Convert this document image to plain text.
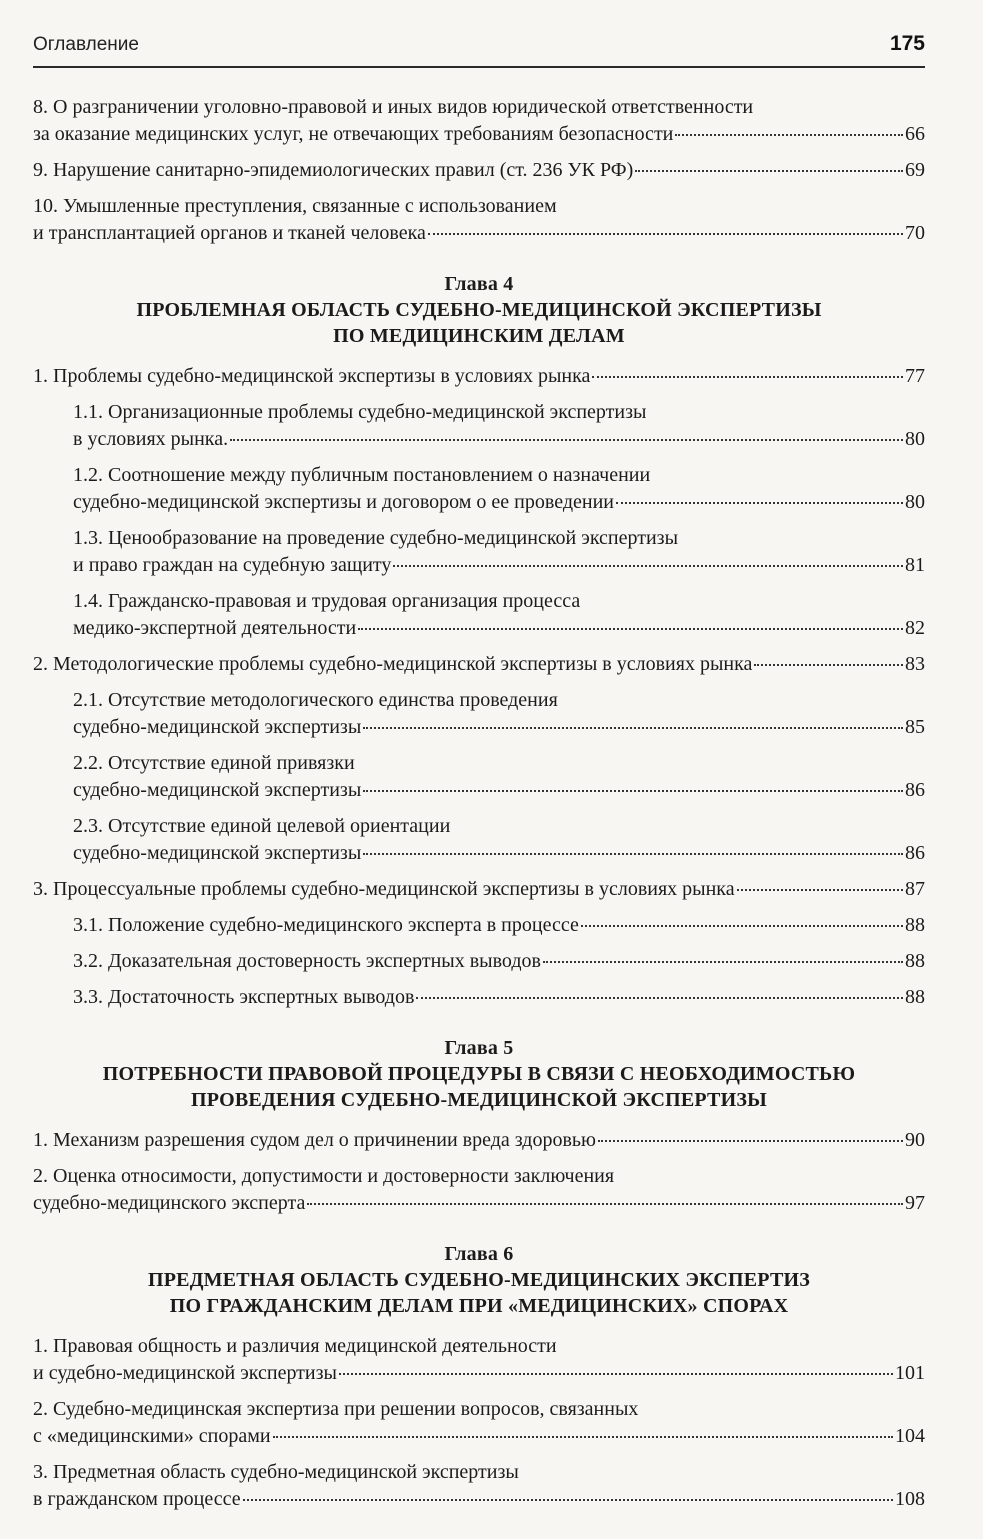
Оглавление	175
8. О разграничении уголовно-правовой и иных видов юридической ответственности
за оказание медицинских услуг, не отвечающих требованиям безопасности	66
9. Нарушение санитарно-эпидемиологических правил (ст. 236 УК РФ)	69
10. Умышленные преступления, связанные с использованием
и трансплантацией органов и тканей человека	70
Глава 4
ПРОБЛЕМНАЯ ОБЛАСТЬ СУДЕБНО-МЕДИЦИНСКОЙ ЭКСПЕРТИЗЫ
ПО МЕДИЦИНСКИМ ДЕЛАМ
1. Проблемы судебно-медицинской экспертизы в условиях рынка	77
1.1. Организационные проблемы судебно-медицинской экспертизы
в условиях рынка.	80
1.2. Соотношение между публичным постановлением о назначении
судебно-медицинской экспертизы и договором о ее проведении	80
1.3. Ценообразование на проведение судебно-медицинской экспертизы
и право граждан на судебную защиту	81
1.4. Гражданско-правовая и трудовая организация процесса
медико-экспертной деятельности	82
2. Методологические проблемы судебно-медицинской экспертизы в условиях рынка	83
2.1. Отсутствие методологического единства проведения
судебно-медицинской экспертизы	85
2.2. Отсутствие единой привязки
судебно-медицинской экспертизы	86
2.3. Отсутствие единой целевой ориентации
судебно-медицинской экспертизы	86
3. Процессуальные проблемы судебно-медицинской экспертизы в условиях рынка	87
3.1. Положение судебно-медицинского эксперта в процессе	88
3.2. Доказательная достоверность экспертных выводов	88
3.3. Достаточность экспертных выводов	88
Глава 5
ПОТРЕБНОСТИ ПРАВОВОЙ ПРОЦЕДУРЫ В СВЯЗИ С НЕОБХОДИМОСТЬЮ
ПРОВЕДЕНИЯ СУДЕБНО-МЕДИЦИНСКОЙ ЭКСПЕРТИЗЫ
1. Механизм разрешения судом дел о причинении вреда здоровью	90
2. Оценка относимости, допустимости и достоверности заключения
судебно-медицинского эксперта	97
Глава 6
ПРЕДМЕТНАЯ ОБЛАСТЬ СУДЕБНО-МЕДИЦИНСКИХ ЭКСПЕРТИЗ
ПО ГРАЖДАНСКИМ ДЕЛАМ ПРИ «МЕДИЦИНСКИХ» СПОРАХ
1. Правовая общность и различия медицинской деятельности
и судебно-медицинской экспертизы	101
2. Судебно-медицинская экспертиза при решении вопросов, связанных
с «медицинскими» спорами	104
3. Предметная область судебно-медицинской экспертизы
в гражданском процессе	108
